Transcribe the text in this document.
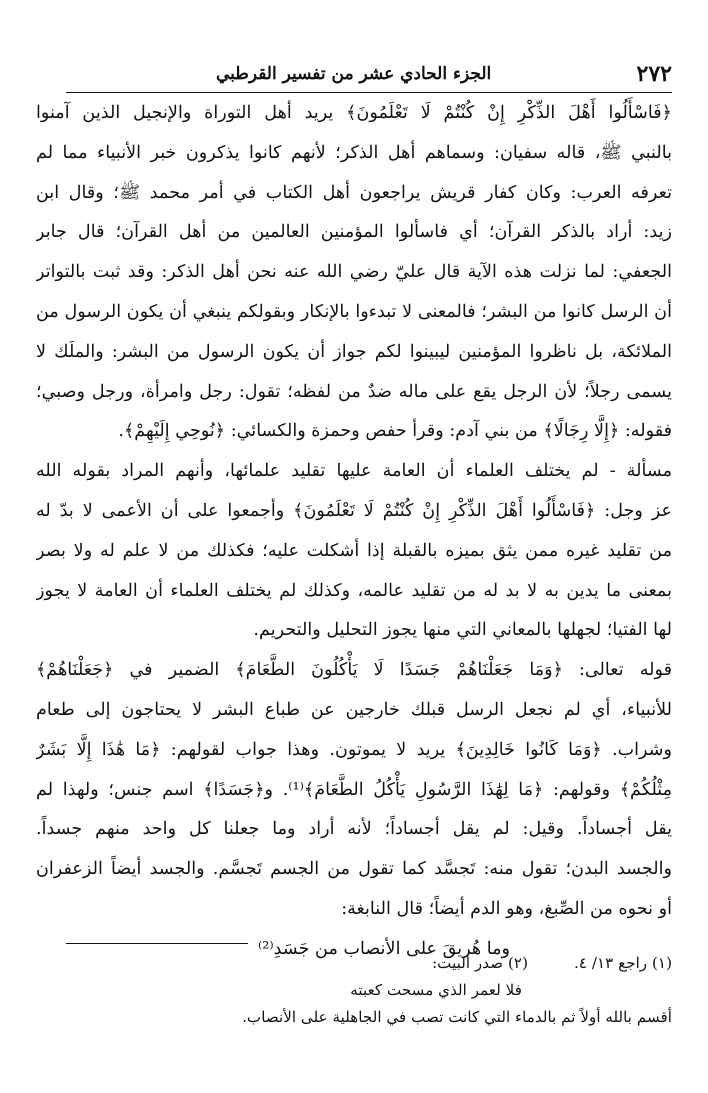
٢٧٢
الجزء الحادي عشر من تفسير القرطبي
﴿فَاسْأَلُوا أَهْلَ الذِّكْرِ إِنْ كُنْتُمْ لَا تَعْلَمُونَ﴾ يريد أهل التوراة والإنجيل الذين آمنوا
بالنبي ﷺ، قاله سفيان: وسماهم أهل الذكر؛ لأنهم كانوا يذكرون خبر الأنبياء مما لم
تعرفه العرب: وكان كفار قريش يراجعون أهل الكتاب في أمر محمد ﷺ؛ وقال ابن
زيد: أراد بالذكر القرآن؛ أي فاسألوا المؤمنين العالمين من أهل القرآن؛ قال جابر
الجعفي: لما نزلت هذه الآية قال عليّ رضي الله عنه نحن أهل الذكر: وقد ثبت بالتواتر
أن الرسل كانوا من البشر؛ فالمعنى لا تبدءوا بالإنكار وبقولكم ينبغي أن يكون الرسول من
الملائكة، بل ناظروا المؤمنين ليبينوا لكم جواز أن يكون الرسول من البشر: والملَك لا
يسمى رجلاً؛ لأن الرجل يقع على ماله ضدٌ من لفظه؛ تقول: رجل وامرأة، ورجل وصبي؛
فقوله: ﴿إِلَّا رِجَالًا﴾ من بني آدم: وقرأ حفص وحمزة والكسائي: ﴿نُوحِي إِلَيْهِمْ﴾.
مسألة - لم يختلف العلماء أن العامة عليها تقليد علمائها، وأنهم المراد بقوله الله
عز وجل: ﴿فَاسْأَلُوا أَهْلَ الذِّكْرِ إِنْ كُنْتُمْ لَا تَعْلَمُونَ﴾ وأجمعوا على أن الأعمى لا بدّ له
من تقليد غيره ممن يثق بميزه بالقبلة إذا أشكلت عليه؛ فكذلك من لا علم له ولا بصر
بمعنى ما يدين به لا بد له من تقليد عالمه، وكذلك لم يختلف العلماء أن العامة لا يجوز
لها الفتيا؛ لجهلها بالمعاني التي منها يجوز التحليل والتحريم.
قوله تعالى: ﴿وَمَا جَعَلْنَاهُمْ جَسَدًا لَا يَأْكُلُونَ الطَّعَامَ﴾ الضمير في ﴿جَعَلْنَاهُمْ﴾
للأنبياء، أي لم نجعل الرسل قبلك خارجين عن طباع البشر لا يحتاجون إلى طعام
وشراب. ﴿وَمَا كَانُوا خَالِدِينَ﴾ يريد لا يموتون. وهذا جواب لقولهم: ﴿مَا هَٰذَا إِلَّا بَشَرٌ
مِثْلُكُمْ﴾ وقولهم: ﴿مَا لِهَٰذَا الرَّسُولِ يَأْكُلُ الطَّعَامَ﴾⁽¹⁾. و﴿جَسَدًا﴾ اسم جنس؛ ولهذا لم
يقل أجساداً. وقيل: لم يقل أجساداً؛ لأنه أراد وما جعلنا كل واحد منهم جسداً.
والجسد البدن؛ تقول منه: تَجسَّد كما تقول من الجسم تَجسَّم. والجسد أيضاً الزعفران
أو نحوه من الصِّبغ، وهو الدم أيضاً؛ قال النابغة:
وما هُريقَ على الأنصاب من جَسَدِ⁽²⁾
(١) راجع ١٣/ ٤.
(٢) صدر البيت:
فلا لعمر الذي مسحت كعبته
أقسم بالله أولاً ثم بالدماء التي كانت تصب في الجاهلية على الأنصاب.
